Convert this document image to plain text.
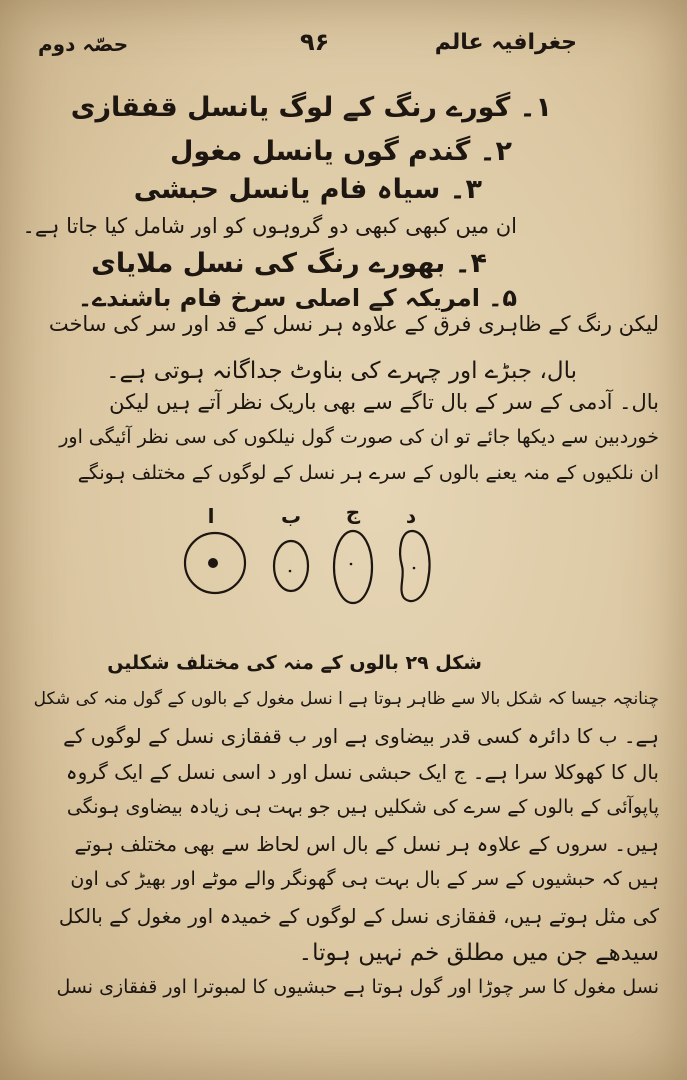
جغرافیہ عالم
۹۶
حصّہ دوم
۱۔ گورے رنگ کے لوگ یانسل قفقازی
۲۔ گندم گوں یانسل مغول
۳۔ سیاہ فام یانسل حبشی
ان میں کبھی کبھی دو گروہوں کو اور شامل کیا جاتا ہے۔
۴۔ بھورے رنگ کی نسل ملایای
۵۔ امریکہ کے اصلی سرخ فام باشندے۔
لیکن رنگ کے ظاہری فرق کے علاوہ ہر نسل کے قد اور سر کی ساخت
بال، جبڑے اور چہرے کی بناوٹ جداگانہ ہوتی ہے۔
بال۔ آدمی کے سر کے بال تاگے سے بھی باریک نظر آتے ہیں لیکن
خوردبین سے دیکھا جائے تو ان کی صورت گول نیلکوں کی سی نظر آئیگی اور
ان نلکیوں کے منہ یعنے بالوں کے سرے ہر نسل کے لوگوں کے مختلف ہونگے
ا	ب	ج	د
شکل ۲۹ بالوں کے منہ کی مختلف شکلیں
چنانچہ جیسا کہ شکل بالا سے ظاہر ہوتا ہے ا نسل مغول کے بالوں کے گول منہ کی شکل
ہے۔ ب کا دائرہ کسی قدر بیضاوی ہے اور ب قفقازی نسل کے لوگوں کے
بال کا کھوکلا سرا ہے۔ ج ایک حبشی نسل اور د اسی نسل کے ایک گروہ
پاپوآئی کے بالوں کے سرے کی شکلیں ہیں جو بہت ہی زیادہ بیضاوی ہونگی
ہیں۔ سروں کے علاوہ ہر نسل کے بال اس لحاظ سے بھی مختلف ہوتے
ہیں کہ حبشیوں کے سر کے بال بہت ہی گھونگر والے موٹے اور بھیڑ کی اون
کی مثل ہوتے ہیں، قفقازی نسل کے لوگوں کے خمیدہ اور مغول کے بالکل
سیدھے جن میں مطلق خم نہیں ہوتا۔
نسل مغول کا سر چوڑا اور گول ہوتا ہے حبشیوں کا لمبوترا اور قفقازی نسل
